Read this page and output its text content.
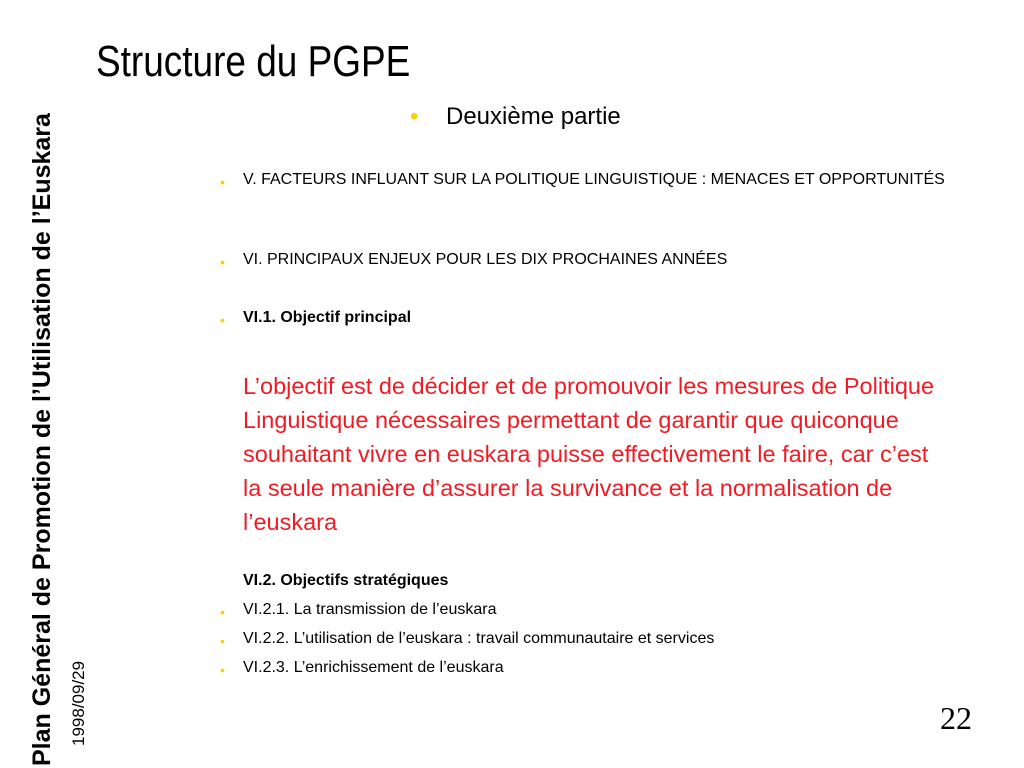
Plan Général de Promotion de l’Utilisation de l’Euskara 1998/09/29
Structure du PGPE
• Deuxième partie
• V. FACTEURS INFLUANT SUR LA POLITIQUE LINGUISTIQUE : MENACES ET OPPORTUNITÉS
• VI. PRINCIPAUX ENJEUX POUR LES DIX PROCHAINES ANNÉES
• VI.1. Objectif principal
L’objectif est de décider et de promouvoir les mesures de Politique Linguistique nécessaires permettant de garantir que quiconque souhaitant vivre en euskara puisse effectivement le faire, car c’est la seule manière d’assurer la survivance et la normalisation de l’euskara
VI.2. Objectifs stratégiques
• VI.2.1. La transmission de l’euskara
• VI.2.2. L’utilisation de l’euskara : travail communautaire et services
• VI.2.3. L’enrichissement de l’euskara
22
